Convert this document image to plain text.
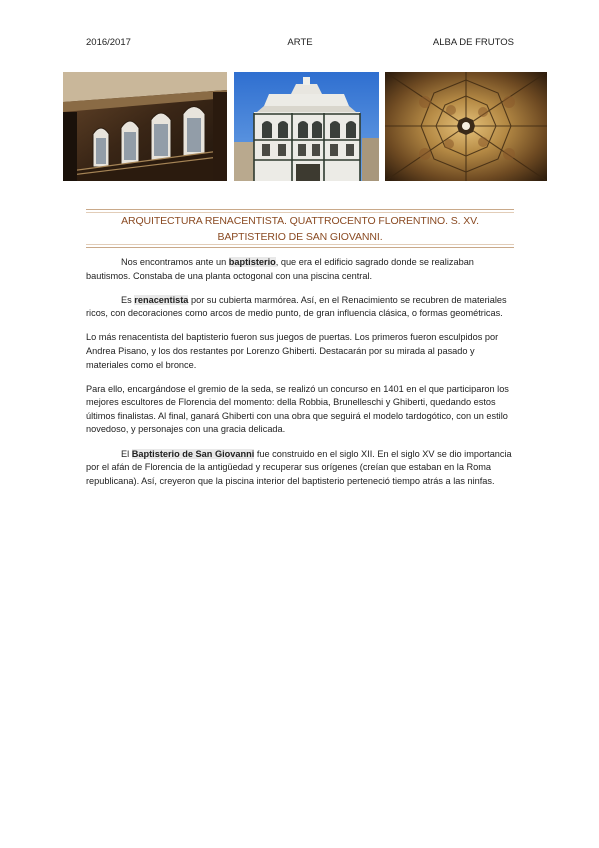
2016/2017	ARTE	ALBA DE FRUTOS
ARQUITECTURA RENACENTISTA. QUATTROCENTO FLORENTINO. S. XV. BAPTISTERIO DE SAN GIOVANNI.

Nos encontramos ante un baptisterio, que era el edificio sagrado donde se realizaban bautismos. Constaba de una planta octogonal con una piscina central.

Es renacentista por su cubierta marmórea. Así, en el Renacimiento se recubren de materiales ricos, con decoraciones como arcos de medio punto, de gran influencia clásica, o formas geométricas.

Lo más renacentista del baptisterio fueron sus juegos de puertas. Los primeros fueron esculpidos por Andrea Pisano, y los dos restantes por Lorenzo Ghiberti. Destacarán por su mirada al pasado y materiales como el bronce.

Para ello, encargándose el gremio de la seda, se realizó un concurso en 1401 en el que participaron los mejores escultores de Florencia del momento: della Robbia, Brunelleschi y Ghiberti, quedando estos últimos finalistas. Al final, ganará Ghiberti con una obra que seguirá el modelo tardogótico, con un estilo novedoso, y personajes con una gracia delicada.

El Baptisterio de San Giovanni fue construido en el siglo XII. En el siglo XV se dio importancia por el afán de Florencia de la antigüedad y recuperar sus orígenes (creían que estaban en la Roma republicana). Así, creyeron que la piscina interior del baptisterio perteneció tiempo atrás a las ninfas.
